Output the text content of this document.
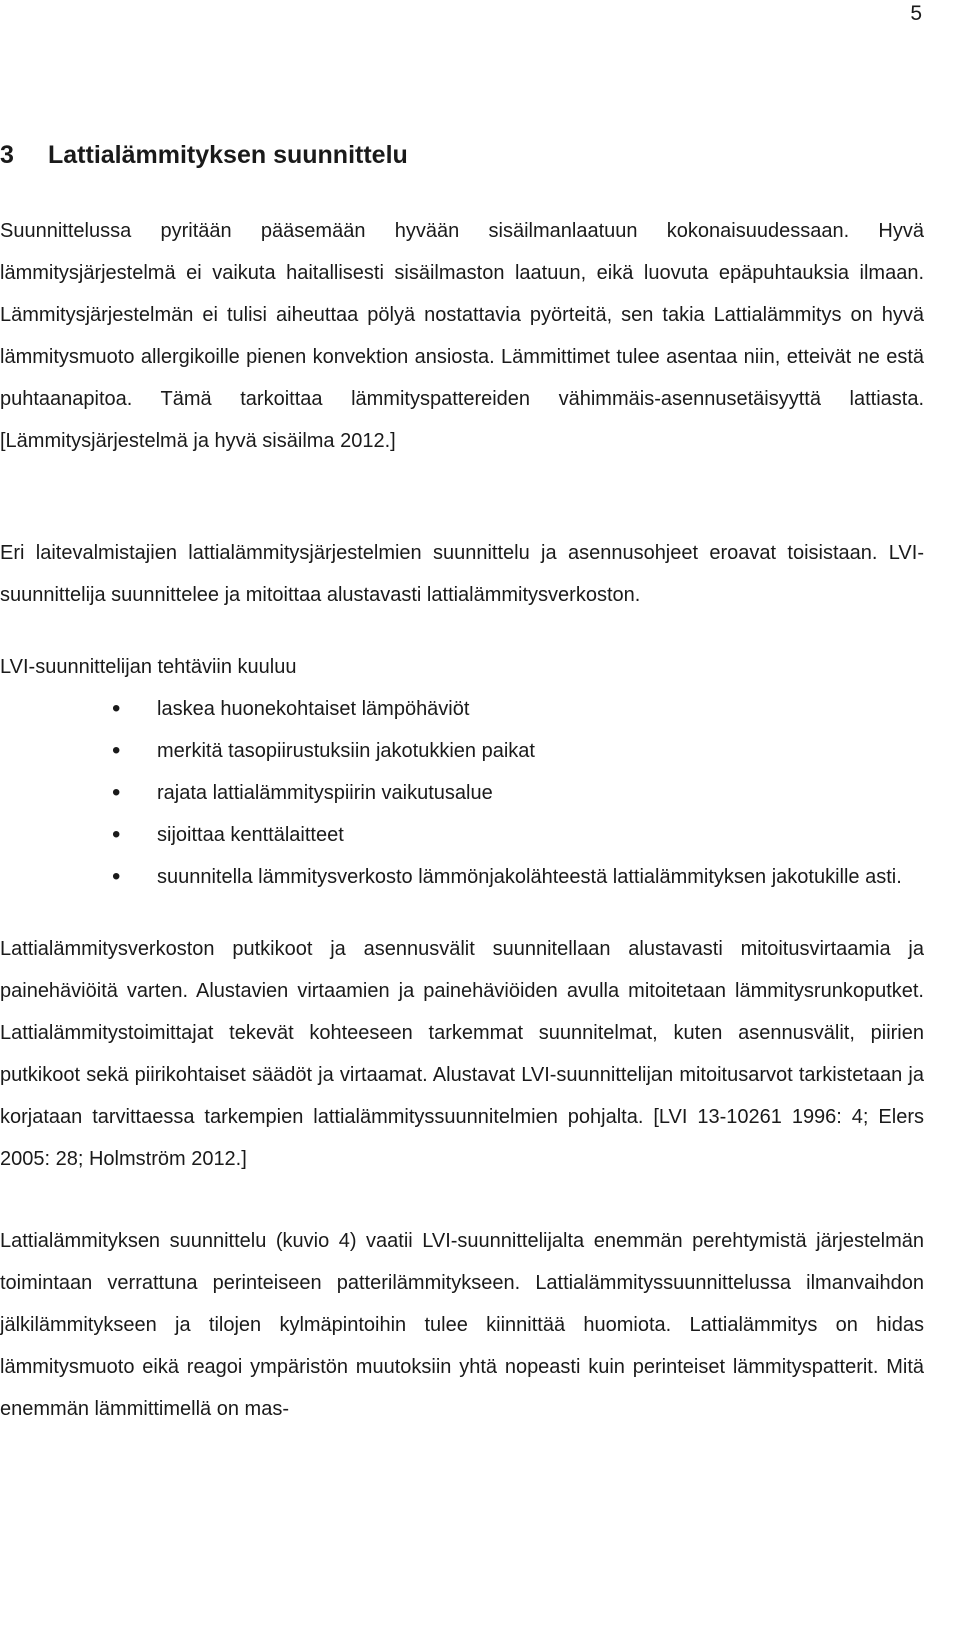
5
3 Lattialämmityksen suunnittelu

Suunnittelussa pyritään pääsemään hyvään sisäilmanlaatuun kokonaisuudessaan. Hyvä lämmitysjärjestelmä ei vaikuta haitallisesti sisäilmaston laatuun, eikä luovuta epäpuhtauksia ilmaan. Lämmitysjärjestelmän ei tulisi aiheuttaa pölyä nostattavia pyörteitä, sen takia Lattialämmitys on hyvä lämmitysmuoto allergikoille pienen konvektion ansiosta. Lämmittimet tulee asentaa niin, etteivät ne estä puhtaanapitoa. Tämä tarkoittaa lämmityspattereiden vähimmäis-asennusetäisyyttä lattiasta. [Lämmitysjärjestelmä ja hyvä sisäilma 2012.]

Eri laitevalmistajien lattialämmitysjärjestelmien suunnittelu ja asennusohjeet eroavat toisistaan. LVI-suunnittelija suunnittelee ja mitoittaa alustavasti lattialämmitysverkoston.

LVI-suunnittelijan tehtäviin kuuluu

• laskea huonekohtaiset lämpöhäviöt
• merkitä tasopiirustuksiin jakotukkien paikat
• rajata lattialämmityspiirin vaikutusalue
• sijoittaa kenttälaitteet
• suunnitella lämmitysverkosto lämmönjakolähteestä lattialämmityksen jakotukille asti.

Lattialämmitysverkoston putkikoot ja asennusvälit suunnitellaan alustavasti mitoitusvirtaamia ja painehäviöitä varten. Alustavien virtaamien ja painehäviöiden avulla mitoitetaan lämmitysrunkoputket. Lattialämmitystoimittajat tekevät kohteeseen tarkemmat suunnitelmat, kuten asennusvälit, piirien putkikoot sekä piirikohtaiset säädöt ja virtaamat. Alustavat LVI-suunnittelijan mitoitusarvot tarkistetaan ja korjataan tarvittaessa tarkempien lattialämmityssuunnitelmien pohjalta. [LVI 13-10261 1996: 4; Elers 2005: 28; Holmström 2012.]

Lattialämmityksen suunnittelu (kuvio 4) vaatii LVI-suunnittelijalta enemmän perehtymistä järjestelmän toimintaan verrattuna perinteiseen patterilämmitykseen. Lattialämmityssuunnittelussa ilmanvaihdon jälkilämmitykseen ja tilojen kylmäpintoihin tulee kiinnittää huomiota. Lattialämmitys on hidas lämmitysmuoto eikä reagoi ympäristön muutoksiin yhtä nopeasti kuin perinteiset lämmityspatterit. Mitä enemmän lämmittimellä on mas-
